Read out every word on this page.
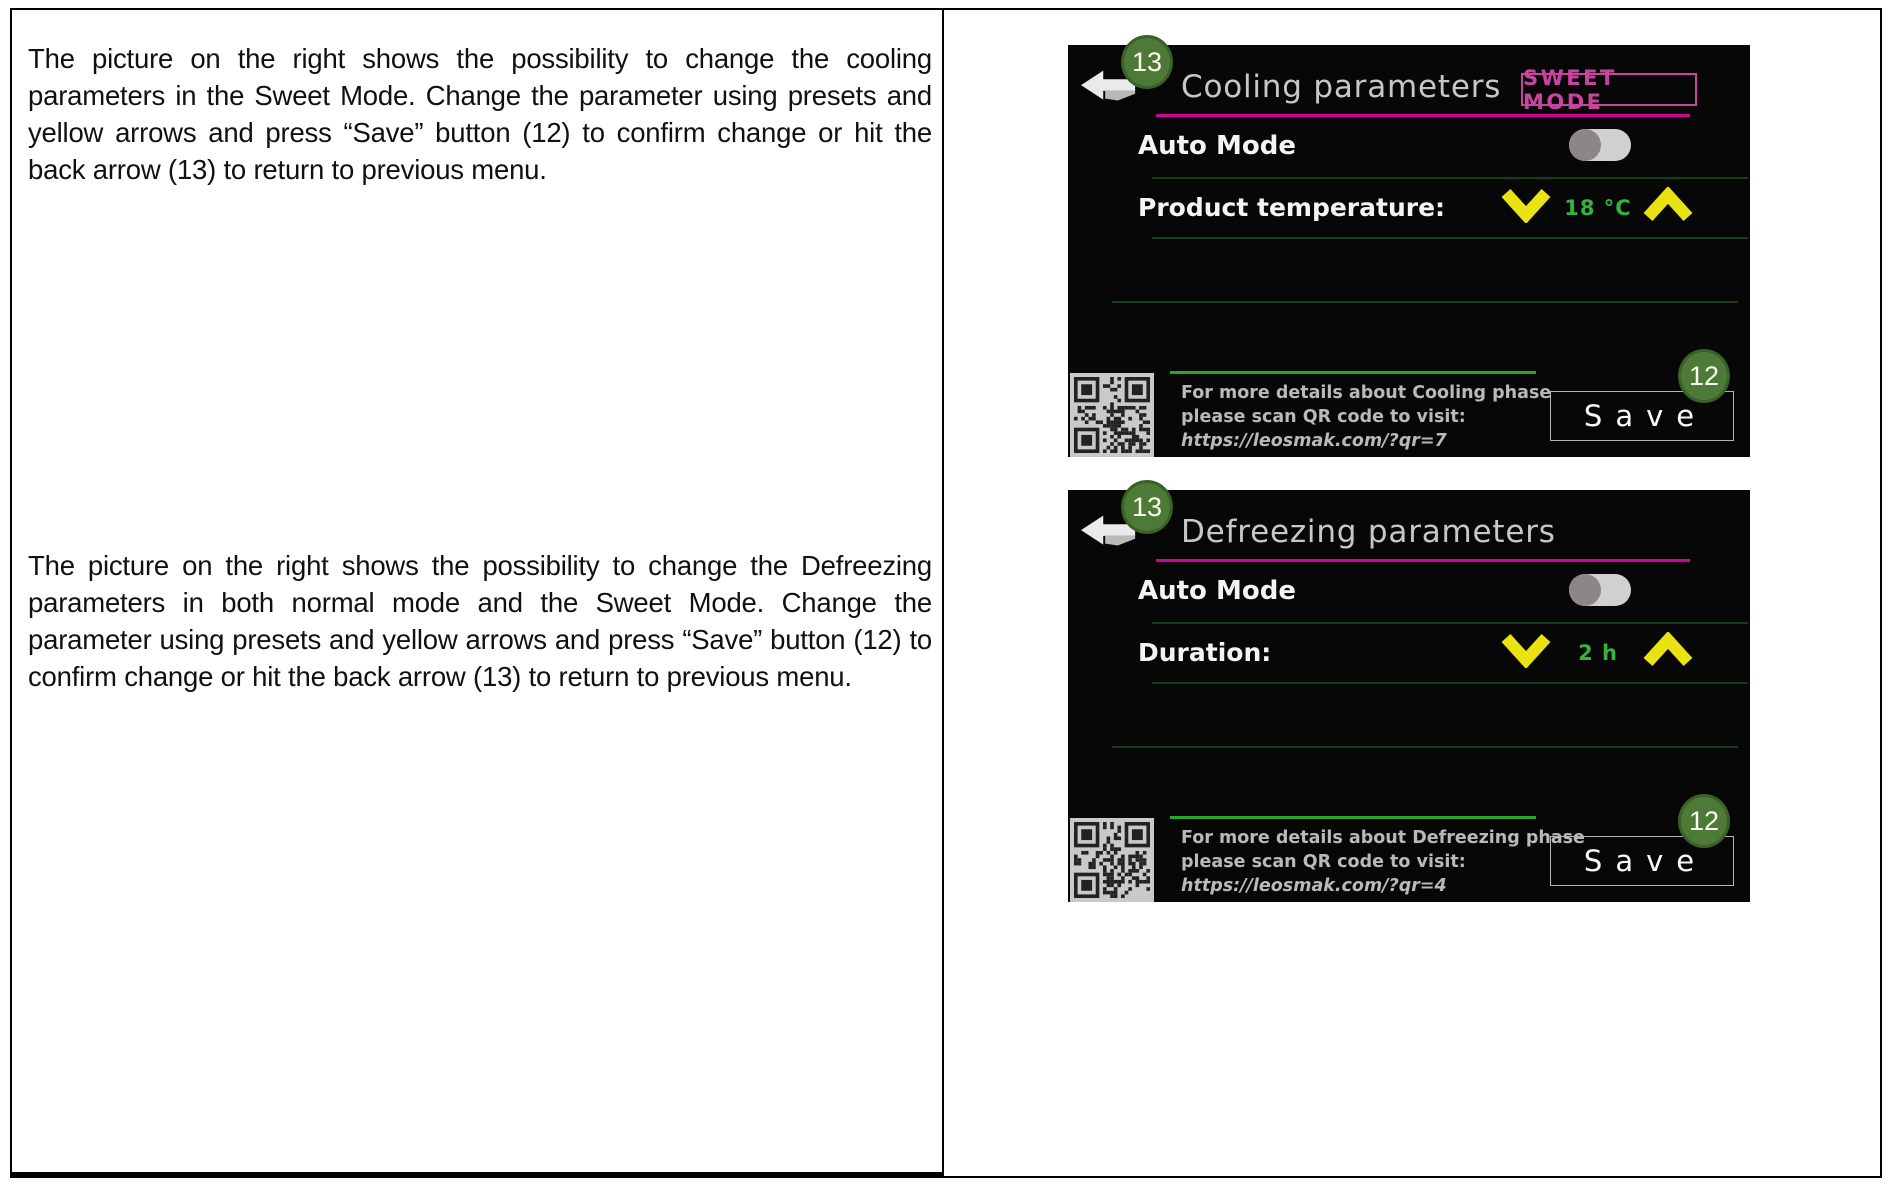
The picture on the right shows the possibility to change the cooling parameters in the Sweet Mode. Change the parameter using presets and yellow arrows and press “Save” button (12) to confirm change or hit the back arrow (13) to return to previous menu.

The picture on the right shows the possibility to change the Defreezing parameters in both normal mode and the Sweet Mode. Change the parameter using presets and yellow arrows and press “Save” button (12) to confirm change or hit the back arrow (13) to return to previous menu.

13
Cooling parameters SWEET MODE
Auto Mode
Product temperature:	18 °C
For more details about Cooling phase
please scan QR code to visit:
https://leosmak.com/?qr=7
Save
12
13
Defreezing parameters
Auto Mode
Duration:	2 h
For more details about Defreezing phase
please scan QR code to visit:
https://leosmak.com/?qr=4
Save
12
